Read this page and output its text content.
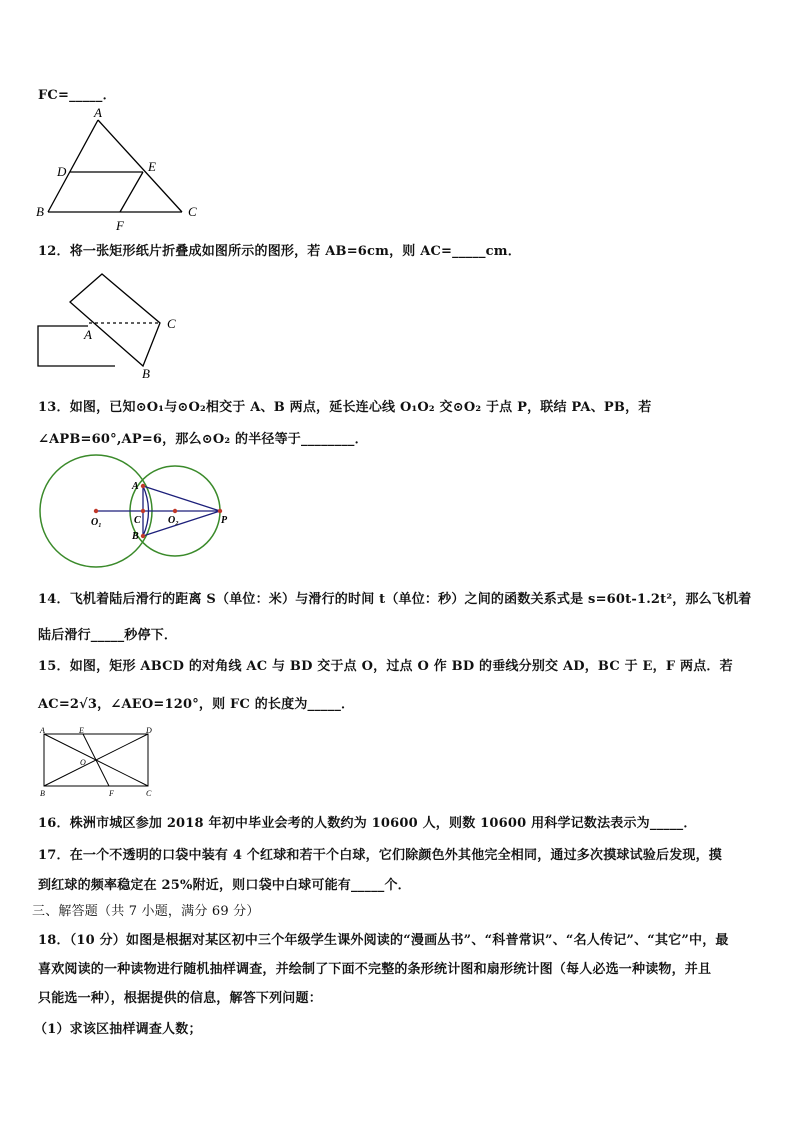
FC=_____．
A
D	E
B
F
C
12．将一张矩形纸片折叠成如图所示的图形，若 AB=6cm，则 AC=_____cm．
A
C
B
13．如图，已知⊙O₁与⊙O₂相交于 A、B 两点，延长连心线 O₁O₂ 交⊙O₂ 于点 P，联结 PA、PB，若
∠APB=60°,AP=6，那么⊙O₂ 的半径等于________．
A
C
B
O₁	O₂	P
14．飞机着陆后滑行的距离 S（单位：米）与滑行的时间 t（单位：秒）之间的函数关系式是 s=60t-1.2t²，那么飞机着
陆后滑行_____秒停下．
15．如图，矩形 ABCD 的对角线 AC 与 BD 交于点 O，过点 O 作 BD 的垂线分别交 AD，BC 于 E，F 两点．若
AC=2√3，∠AEO=120°，则 FC 的长度为_____．
A	E	D
O
B	F	C
16．株洲市城区参加 2018 年初中毕业会考的人数约为 10600 人，则数 10600 用科学记数法表示为_____．
17．在一个不透明的口袋中装有 4 个红球和若干个白球，它们除颜色外其他完全相同，通过多次摸球试验后发现，摸
到红球的频率稳定在 25%附近，则口袋中白球可能有_____个．
三、解答题（共 7 小题，满分 69 分）
18．（10 分）如图是根据对某区初中三个年级学生课外阅读的“漫画丛书”、“科普常识”、“名人传记”、“其它”中，最
喜欢阅读的一种读物进行随机抽样调查，并绘制了下面不完整的条形统计图和扇形统计图（每人必选一种读物，并且
只能选一种），根据提供的信息，解答下列问题：
（1）求该区抽样调查人数；
